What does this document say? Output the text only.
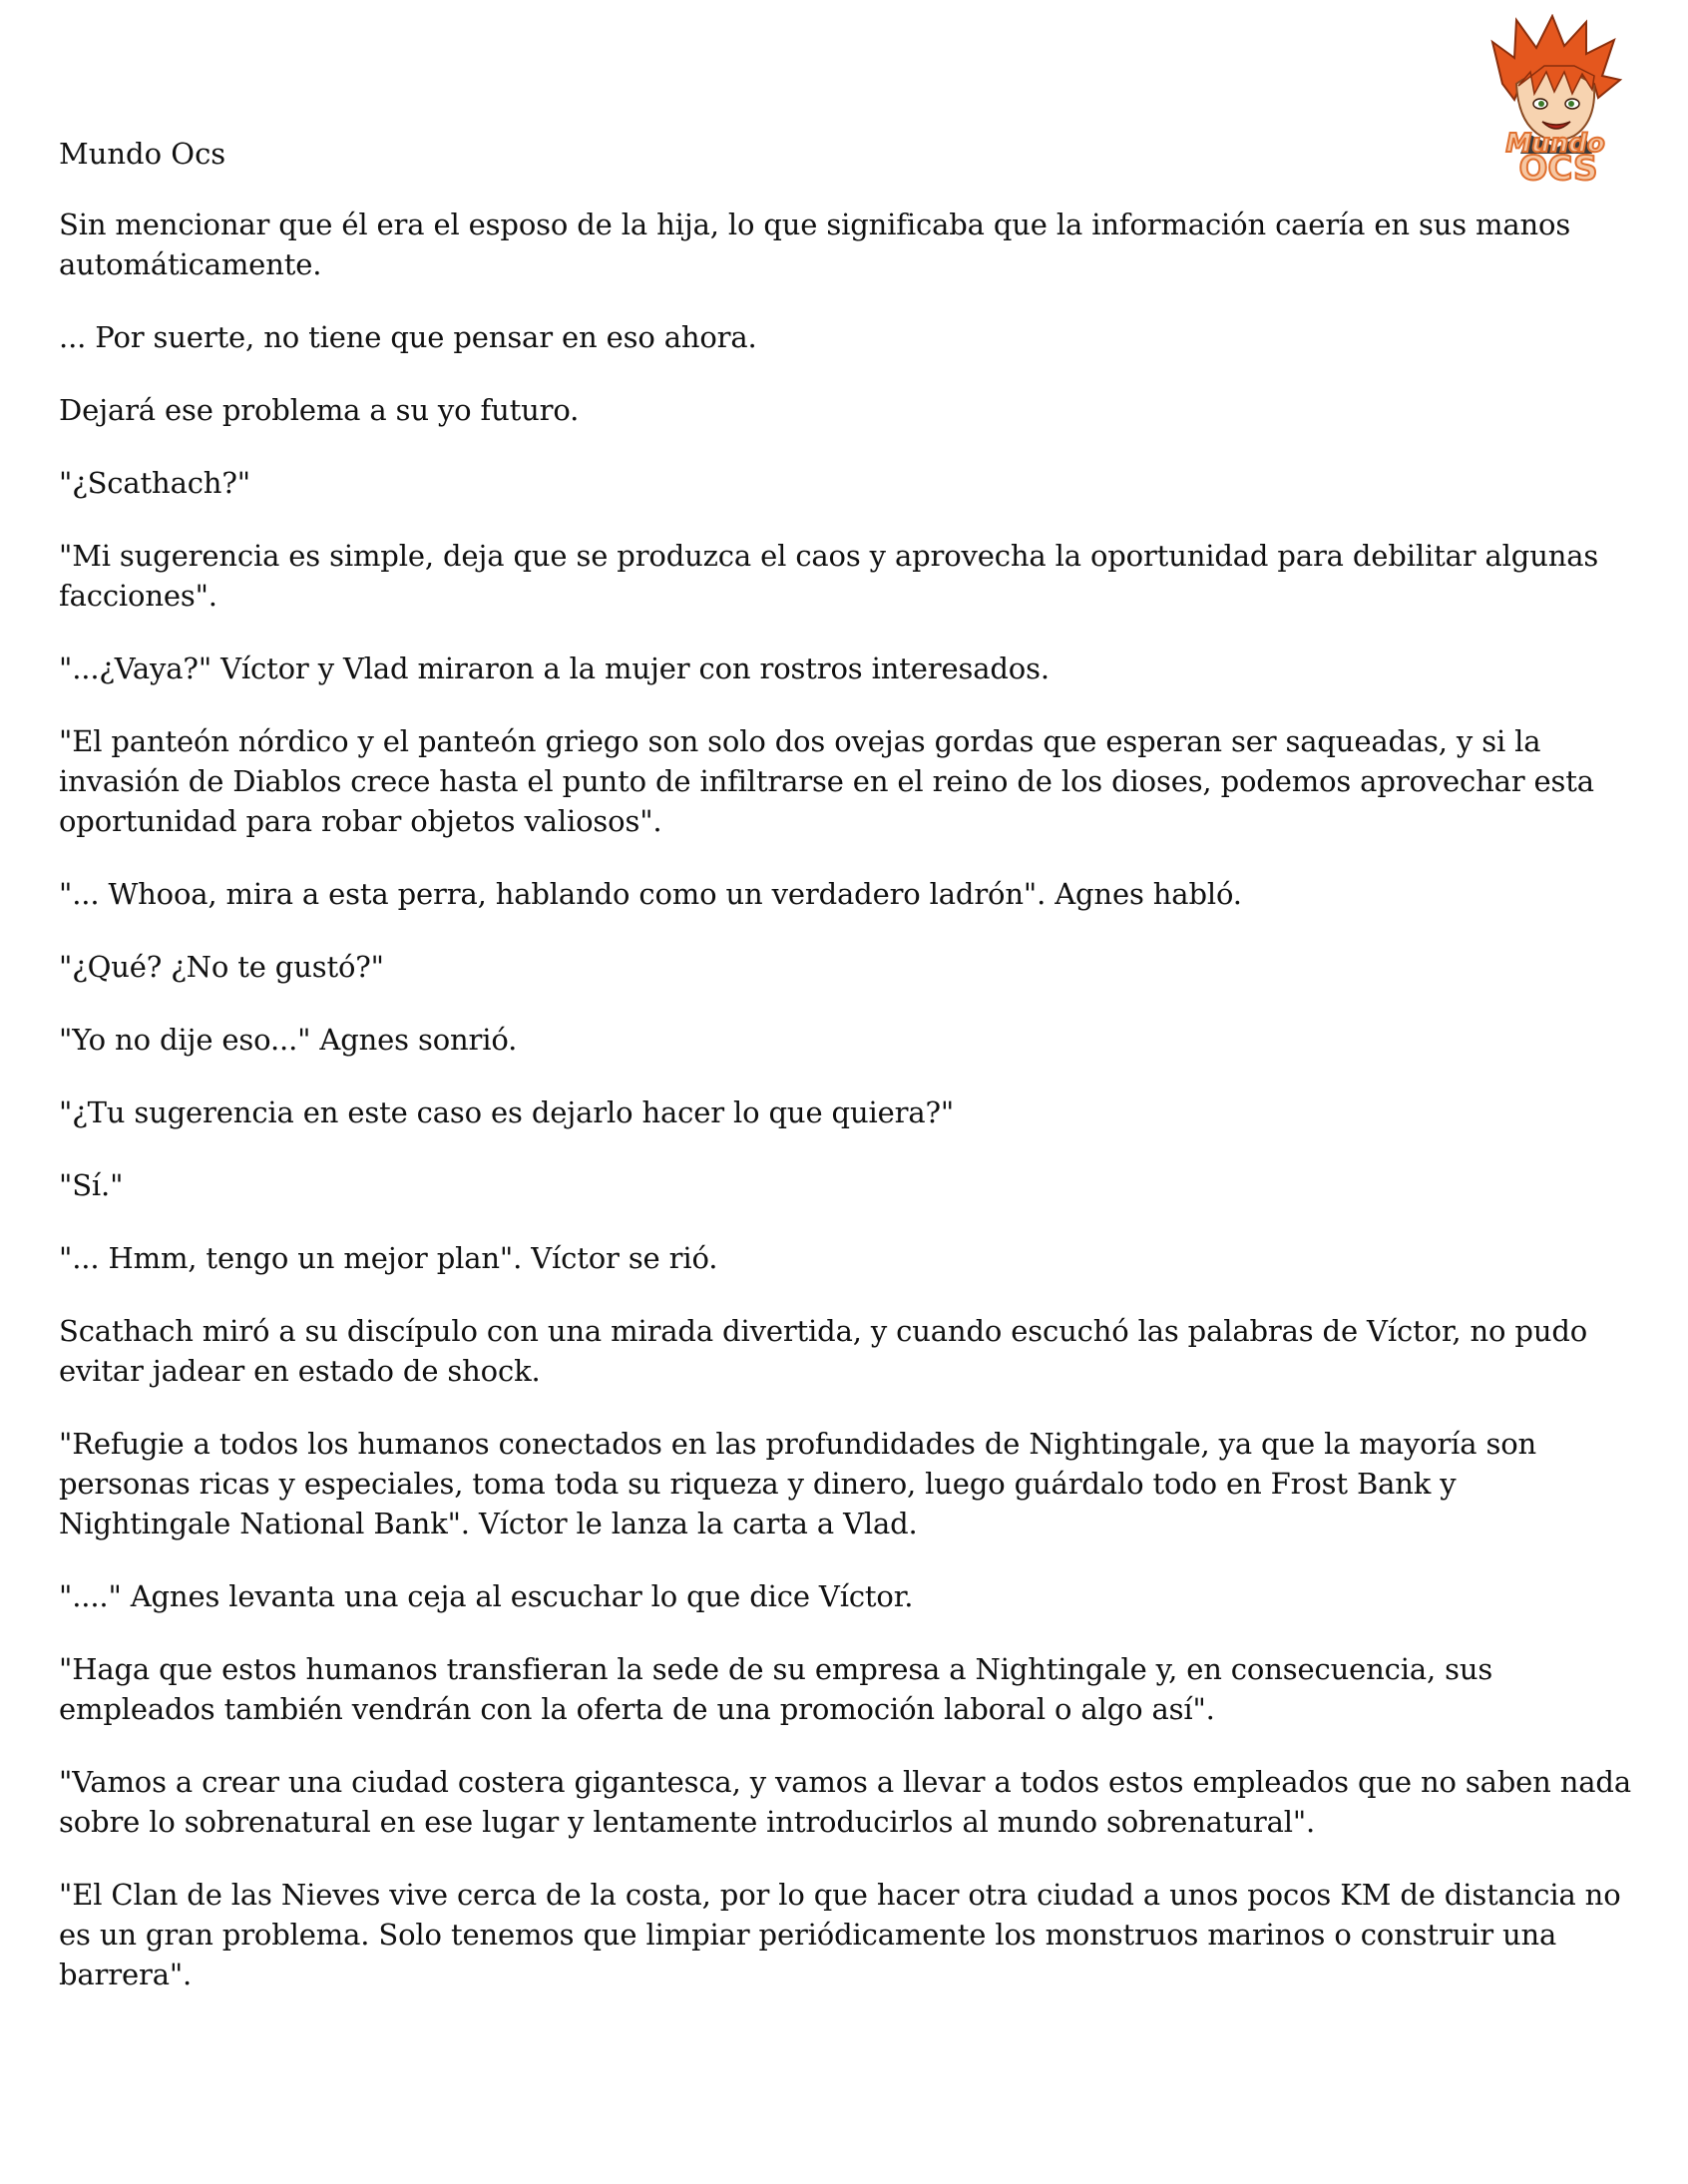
Mundo
OCS
Mundo Ocs

Sin mencionar que él era el esposo de la hija, lo que significaba que la información caería en sus manos automáticamente.

... Por suerte, no tiene que pensar en eso ahora.

Dejará ese problema a su yo futuro.

"¿Scathach?"

"Mi sugerencia es simple, deja que se produzca el caos y aprovecha la oportunidad para debilitar algunas facciones".

"...¿Vaya?" Víctor y Vlad miraron a la mujer con rostros interesados.

"El panteón nórdico y el panteón griego son solo dos ovejas gordas que esperan ser saqueadas, y si la invasión de Diablos crece hasta el punto de infiltrarse en el reino de los dioses, podemos aprovechar esta oportunidad para robar objetos valiosos".

"... Whooa, mira a esta perra, hablando como un verdadero ladrón". Agnes habló.

"¿Qué? ¿No te gustó?"

"Yo no dije eso..." Agnes sonrió.

"¿Tu sugerencia en este caso es dejarlo hacer lo que quiera?"

"Sí."

"... Hmm, tengo un mejor plan". Víctor se rió.

Scathach miró a su discípulo con una mirada divertida, y cuando escuchó las palabras de Víctor, no pudo evitar jadear en estado de shock.

"Refugie a todos los humanos conectados en las profundidades de Nightingale, ya que la mayoría son personas ricas y especiales, toma toda su riqueza y dinero, luego guárdalo todo en Frost Bank y Nightingale National Bank". Víctor le lanza la carta a Vlad.

"...." Agnes levanta una ceja al escuchar lo que dice Víctor.

"Haga que estos humanos transfieran la sede de su empresa a Nightingale y, en consecuencia, sus empleados también vendrán con la oferta de una promoción laboral o algo así".

"Vamos a crear una ciudad costera gigantesca, y vamos a llevar a todos estos empleados que no saben nada sobre lo sobrenatural en ese lugar y lentamente introducirlos al mundo sobrenatural".

"El Clan de las Nieves vive cerca de la costa, por lo que hacer otra ciudad a unos pocos KM de distancia no es un gran problema. Solo tenemos que limpiar periódicamente los monstruos marinos o construir una barrera".
